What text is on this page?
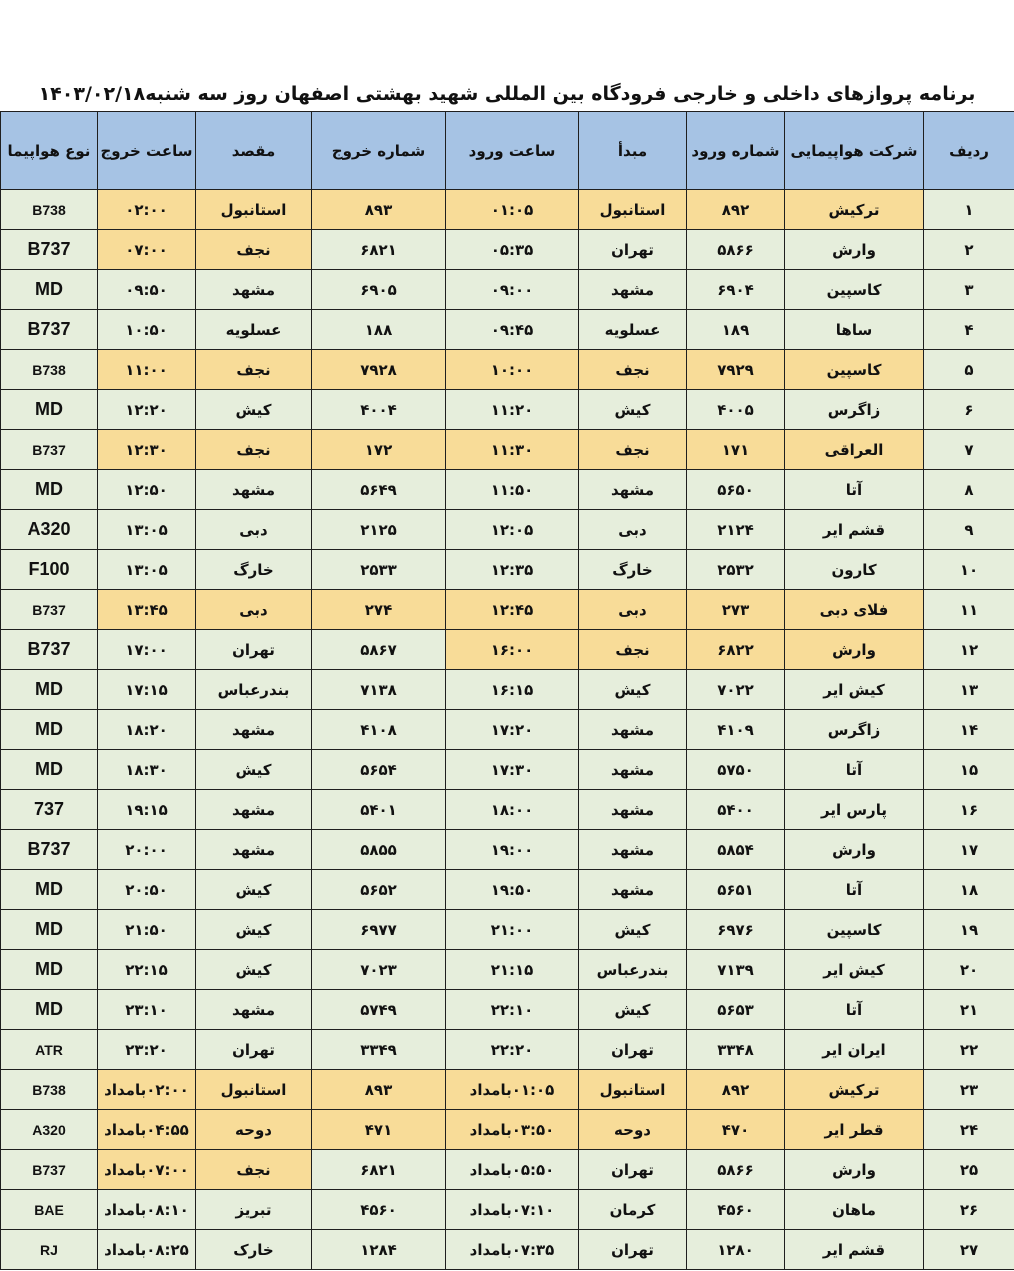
برنامه پروازهای داخلی و خارجی فرودگاه بین المللی شهید بهشتی اصفهان روز سه شنبه۱۴۰۳/۰۲/۱۸
ردیف	شرکت هواپیمایی	شماره ورود	مبدأ	ساعت ورود	شماره خروج	مقصد	ساعت خروج	نوع هواپیما
۱	ترکیش	۸۹۲	استانبول	۰۱:۰۵	۸۹۳	استانبول	۰۲:۰۰	B738
۲	وارش	۵۸۶۶	تهران	۰۵:۳۵	۶۸۲۱	نجف	۰۷:۰۰	B737
۳	کاسپین	۶۹۰۴	مشهد	۰۹:۰۰	۶۹۰۵	مشهد	۰۹:۵۰	MD
۴	ساها	۱۸۹	عسلویه	۰۹:۴۵	۱۸۸	عسلویه	۱۰:۵۰	B737
۵	کاسپین	۷۹۲۹	نجف	۱۰:۰۰	۷۹۲۸	نجف	۱۱:۰۰	B738
۶	زاگرس	۴۰۰۵	کیش	۱۱:۲۰	۴۰۰۴	کیش	۱۲:۲۰	MD
۷	العراقی	۱۷۱	نجف	۱۱:۳۰	۱۷۲	نجف	۱۲:۳۰	B737
۸	آتا	۵۶۵۰	مشهد	۱۱:۵۰	۵۶۴۹	مشهد	۱۲:۵۰	MD
۹	قشم ایر	۲۱۲۴	دبی	۱۲:۰۵	۲۱۲۵	دبی	۱۳:۰۵	A320
۱۰	کارون	۲۵۳۲	خارگ	۱۲:۳۵	۲۵۳۳	خارگ	۱۳:۰۵	F100
۱۱	فلای دبی	۲۷۳	دبی	۱۲:۴۵	۲۷۴	دبی	۱۳:۴۵	B737
۱۲	وارش	۶۸۲۲	نجف	۱۶:۰۰	۵۸۶۷	تهران	۱۷:۰۰	B737
۱۳	کیش ایر	۷۰۲۲	کیش	۱۶:۱۵	۷۱۳۸	بندرعباس	۱۷:۱۵	MD
۱۴	زاگرس	۴۱۰۹	مشهد	۱۷:۲۰	۴۱۰۸	مشهد	۱۸:۲۰	MD
۱۵	آتا	۵۷۵۰	مشهد	۱۷:۳۰	۵۶۵۴	کیش	۱۸:۳۰	MD
۱۶	پارس ایر	۵۴۰۰	مشهد	۱۸:۰۰	۵۴۰۱	مشهد	۱۹:۱۵	737
۱۷	وارش	۵۸۵۴	مشهد	۱۹:۰۰	۵۸۵۵	مشهد	۲۰:۰۰	B737
۱۸	آتا	۵۶۵۱	مشهد	۱۹:۵۰	۵۶۵۲	کیش	۲۰:۵۰	MD
۱۹	کاسپین	۶۹۷۶	کیش	۲۱:۰۰	۶۹۷۷	کیش	۲۱:۵۰	MD
۲۰	کیش ایر	۷۱۳۹	بندرعباس	۲۱:۱۵	۷۰۲۳	کیش	۲۲:۱۵	MD
۲۱	آتا	۵۶۵۳	کیش	۲۲:۱۰	۵۷۴۹	مشهد	۲۳:۱۰	MD
۲۲	ایران ایر	۳۳۴۸	تهران	۲۲:۲۰	۳۳۴۹	تهران	۲۳:۲۰	ATR
۲۳	ترکیش	۸۹۲	استانبول	۰۱:۰۵بامداد	۸۹۳	استانبول	۰۲:۰۰بامداد	B738
۲۴	قطر ایر	۴۷۰	دوحه	۰۳:۵۰بامداد	۴۷۱	دوحه	۰۴:۵۵بامداد	A320
۲۵	وارش	۵۸۶۶	تهران	۰۵:۵۰بامداد	۶۸۲۱	نجف	۰۷:۰۰بامداد	B737
۲۶	ماهان	۴۵۶۰	کرمان	۰۷:۱۰بامداد	۴۵۶۰	تبریز	۰۸:۱۰بامداد	BAE
۲۷	قشم ایر	۱۲۸۰	تهران	۰۷:۳۵بامداد	۱۲۸۴	خارک	۰۸:۲۵بامداد	RJ
